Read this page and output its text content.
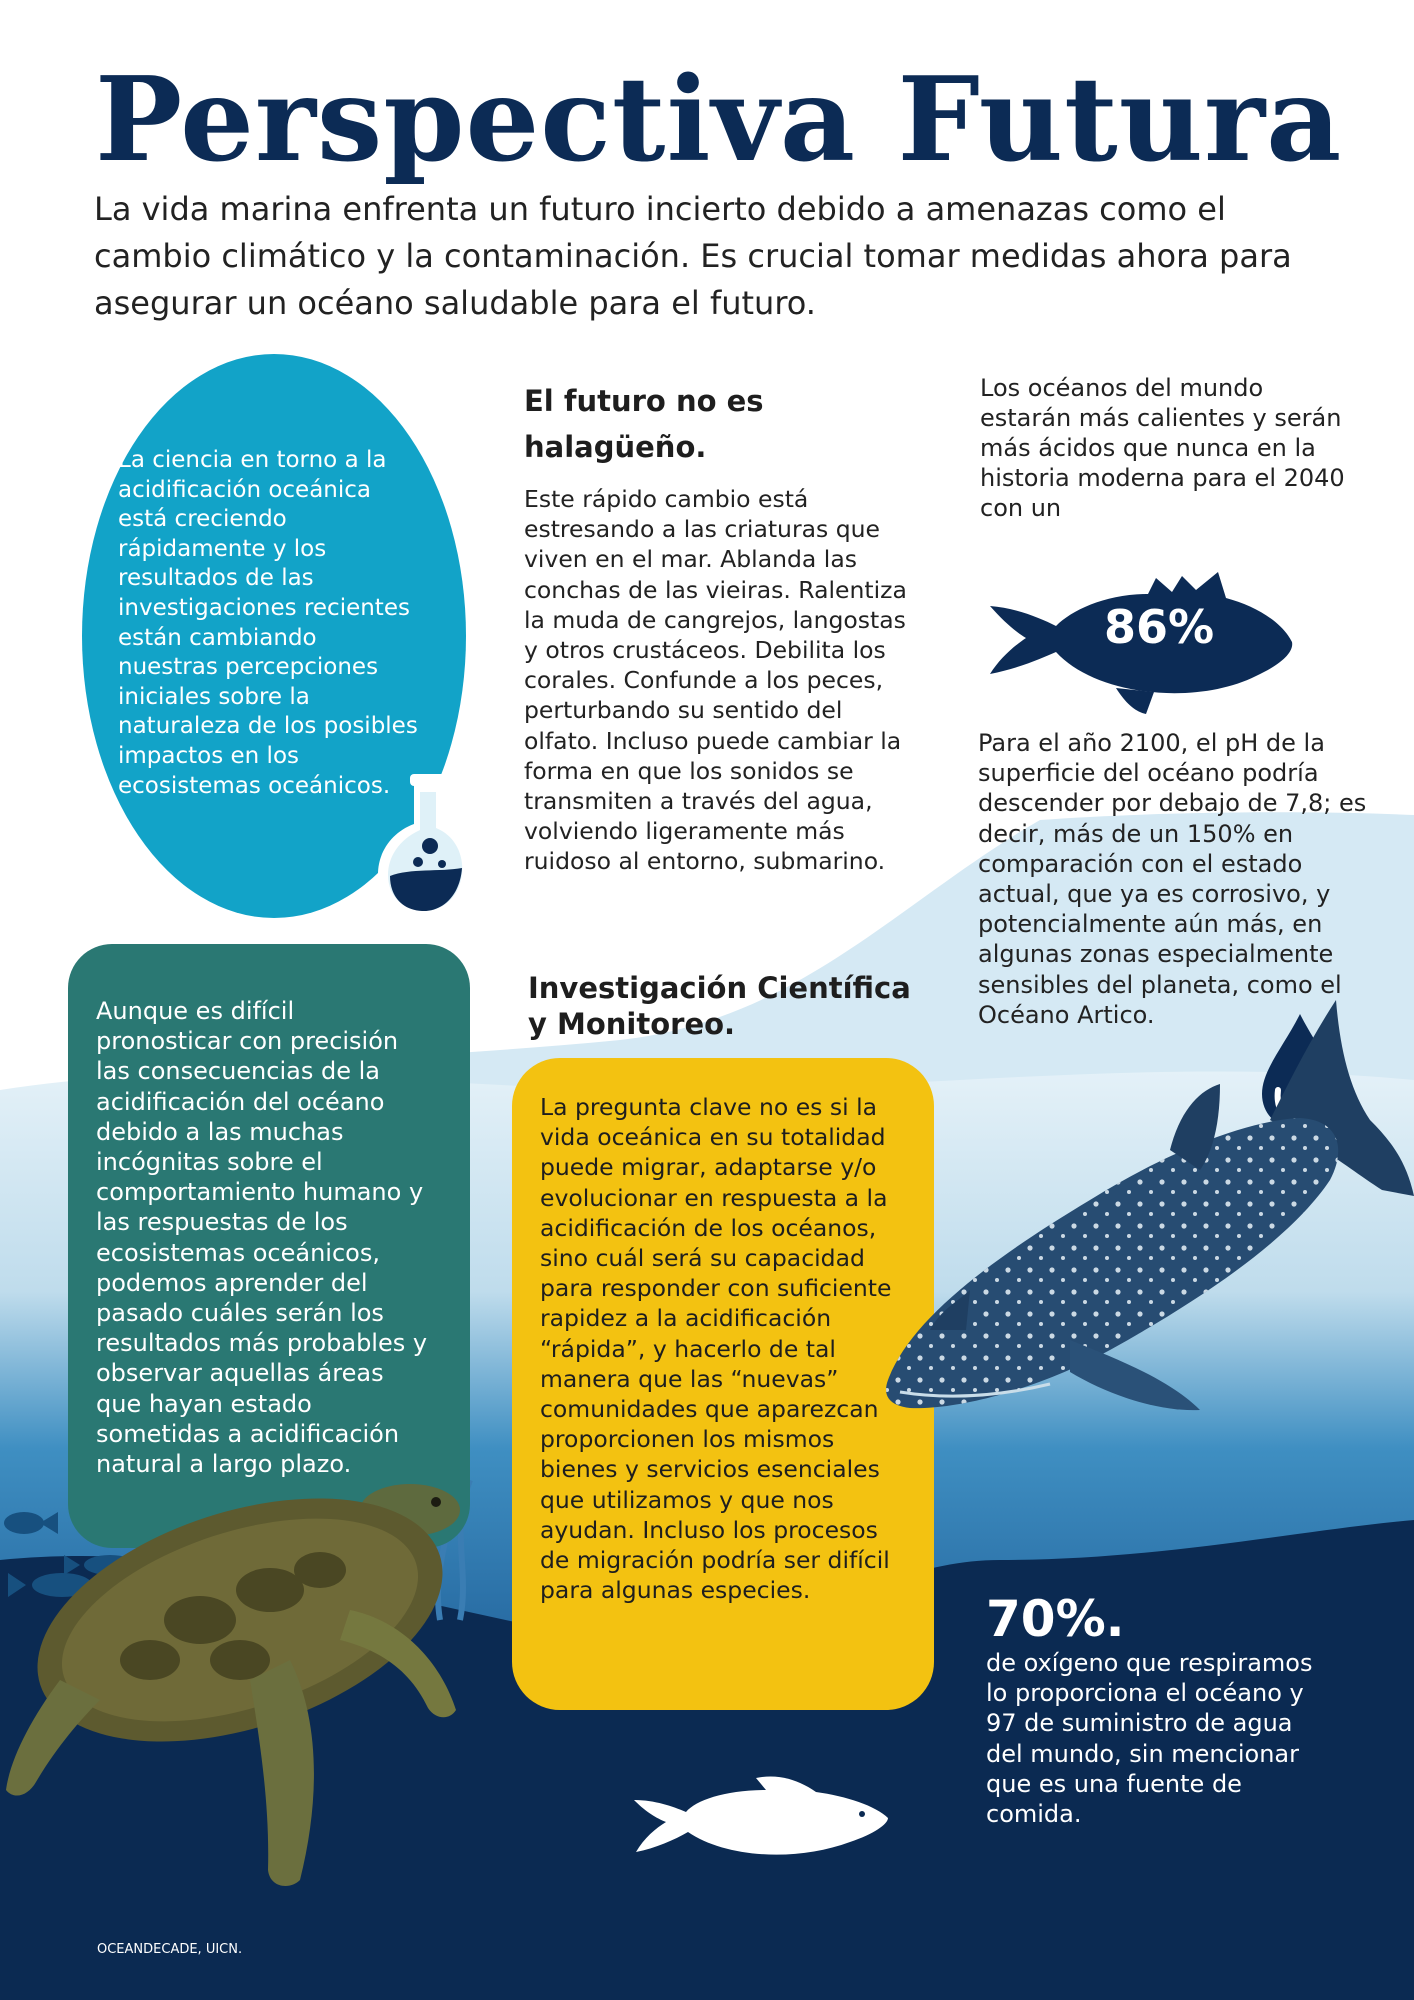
Perspectiva Futura

La vida marina enfrenta un futuro incierto debido a amenazas como el cambio climático y la contaminación. Es crucial tomar medidas ahora para asegurar un océano saludable para el futuro.

La ciencia en torno a la acidificación oceánica está creciendo rápidamente y los resultados de las investigaciones recientes están cambiando nuestras percepciones iniciales sobre la naturaleza de los posibles impactos en los ecosistemas oceánicos.

Aunque es difícil pronosticar con precisión las consecuencias de la acidificación del océano debido a las muchas incógnitas sobre el comportamiento humano y las respuestas de los ecosistemas oceánicos, podemos aprender del pasado cuáles serán los resultados más probables y observar aquellas áreas que hayan estado sometidas a acidificación natural a largo plazo.

El futuro no es halagüeño.

Este rápido cambio está estresando a las criaturas que viven en el mar. Ablanda las conchas de las vieiras. Ralentiza la muda de cangrejos, langostas y otros crustáceos. Debilita los corales. Confunde a los peces, perturbando su sentido del olfato. Incluso puede cambiar la forma en que los sonidos se transmiten a través del agua, volviendo ligeramente más ruidoso al entorno, submarino.

Investigación Científica y Monitoreo.

La pregunta clave no es si la vida oceánica en su totalidad puede migrar, adaptarse y/o evolucionar en respuesta a la acidificación de los océanos, sino cuál será su capacidad para responder con suficiente rapidez a la acidificación “rápida”, y hacerlo de tal manera que las “nuevas” comunidades que aparezcan proporcionen los mismos bienes y servicios esenciales que utilizamos y que nos ayudan. Incluso los procesos de migración podría ser difícil para algunas especies.

Los océanos del mundo estarán más calientes y serán más ácidos que nunca en la historia moderna para el 2040 con un

86%

Para el año 2100, el pH de la superficie del océano podría descender por debajo de 7,8; es decir, más de un 150% en comparación con el estado actual, que ya es corrosivo, y potencialmente aún más, en algunas zonas especialmente sensibles del planeta, como el Océano Artico.

70%.

de oxígeno que respiramos lo proporciona el océano y 97 de suministro de agua del mundo, sin mencionar que es una fuente de comida.

OCEANDECADE, UICN.
